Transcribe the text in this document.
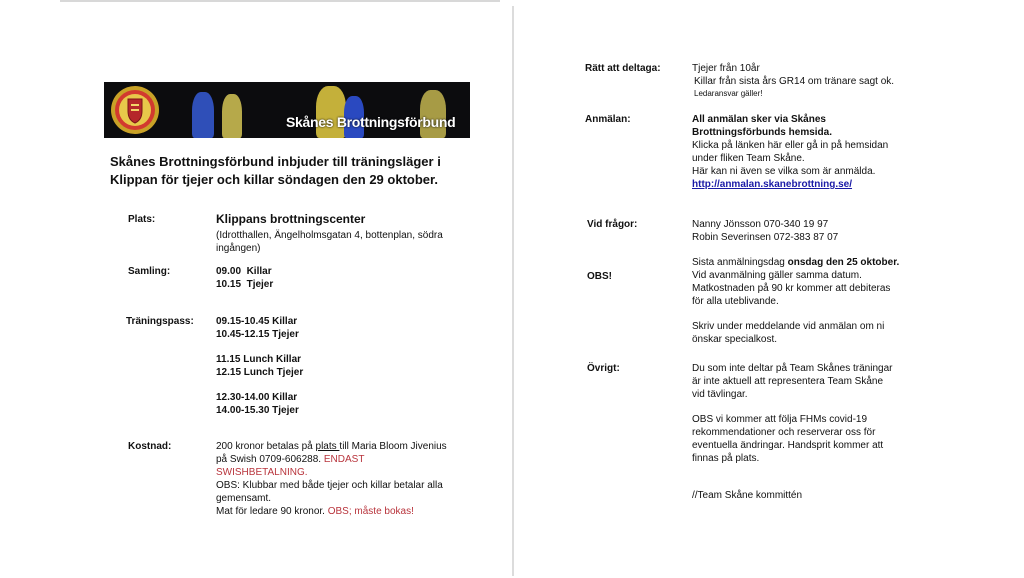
Skånes Brottningsförbund
Skånes Brottningsförbund inbjuder till träningsläger i
Klippan för tjejer och killar söndagen den 29 oktober.
Plats:	Klippans brottningscenter
(Idrotthallen, Ängelholmsgatan 4, bottenplan, södra
ingången)
Samling:	09.00  Killar
10.15  Tjejer
Träningspass: 09.15-10.45 Killar
10.45-12.15 Tjejer
11.15 Lunch Killar
12.15 Lunch Tjejer
12.30-14.00 Killar
14.00-15.30 Tjejer
Kostnad:	200 kronor betalas på plats till Maria Bloom Jivenius
på Swish 0709-606288. ENDAST
SWISHBETALNING.
OBS: Klubbar med både tjejer och killar betalar alla
gemensamt.
Mat för ledare 90 kronor. OBS; måste bokas!
Rätt att deltaga:	Tjejer från 10år
Killar från sista års GR14 om tränare sagt ok.
Ledaransvar gäller!
Anmälan:	All anmälan sker via Skånes
Brottningsförbunds hemsida.
Klicka på länken här eller gå in på hemsidan
under fliken Team Skåne.
Här kan ni även se vilka som är anmälda.
http://anmalan.skanebrottning.se/
Vid frågor:	Nanny Jönsson 070-340 19 97
Robin Severinsen 072-383 87 07
OBS!
Sista anmälningsdag onsdag den 25 oktober.
Vid avanmälning gäller samma datum.
Matkostnaden på 90 kr kommer att debiteras
för alla uteblivande.
Skriv under meddelande vid anmälan om ni
önskar specialkost.
Övrigt:	Du som inte deltar på Team Skånes träningar
är inte aktuell att representera Team Skåne
vid tävlingar.
OBS vi kommer att följa FHMs covid-19
rekommendationer och reserverar oss för
eventuella ändringar. Handsprit kommer att
finnas på plats.
//Team Skåne kommittén
